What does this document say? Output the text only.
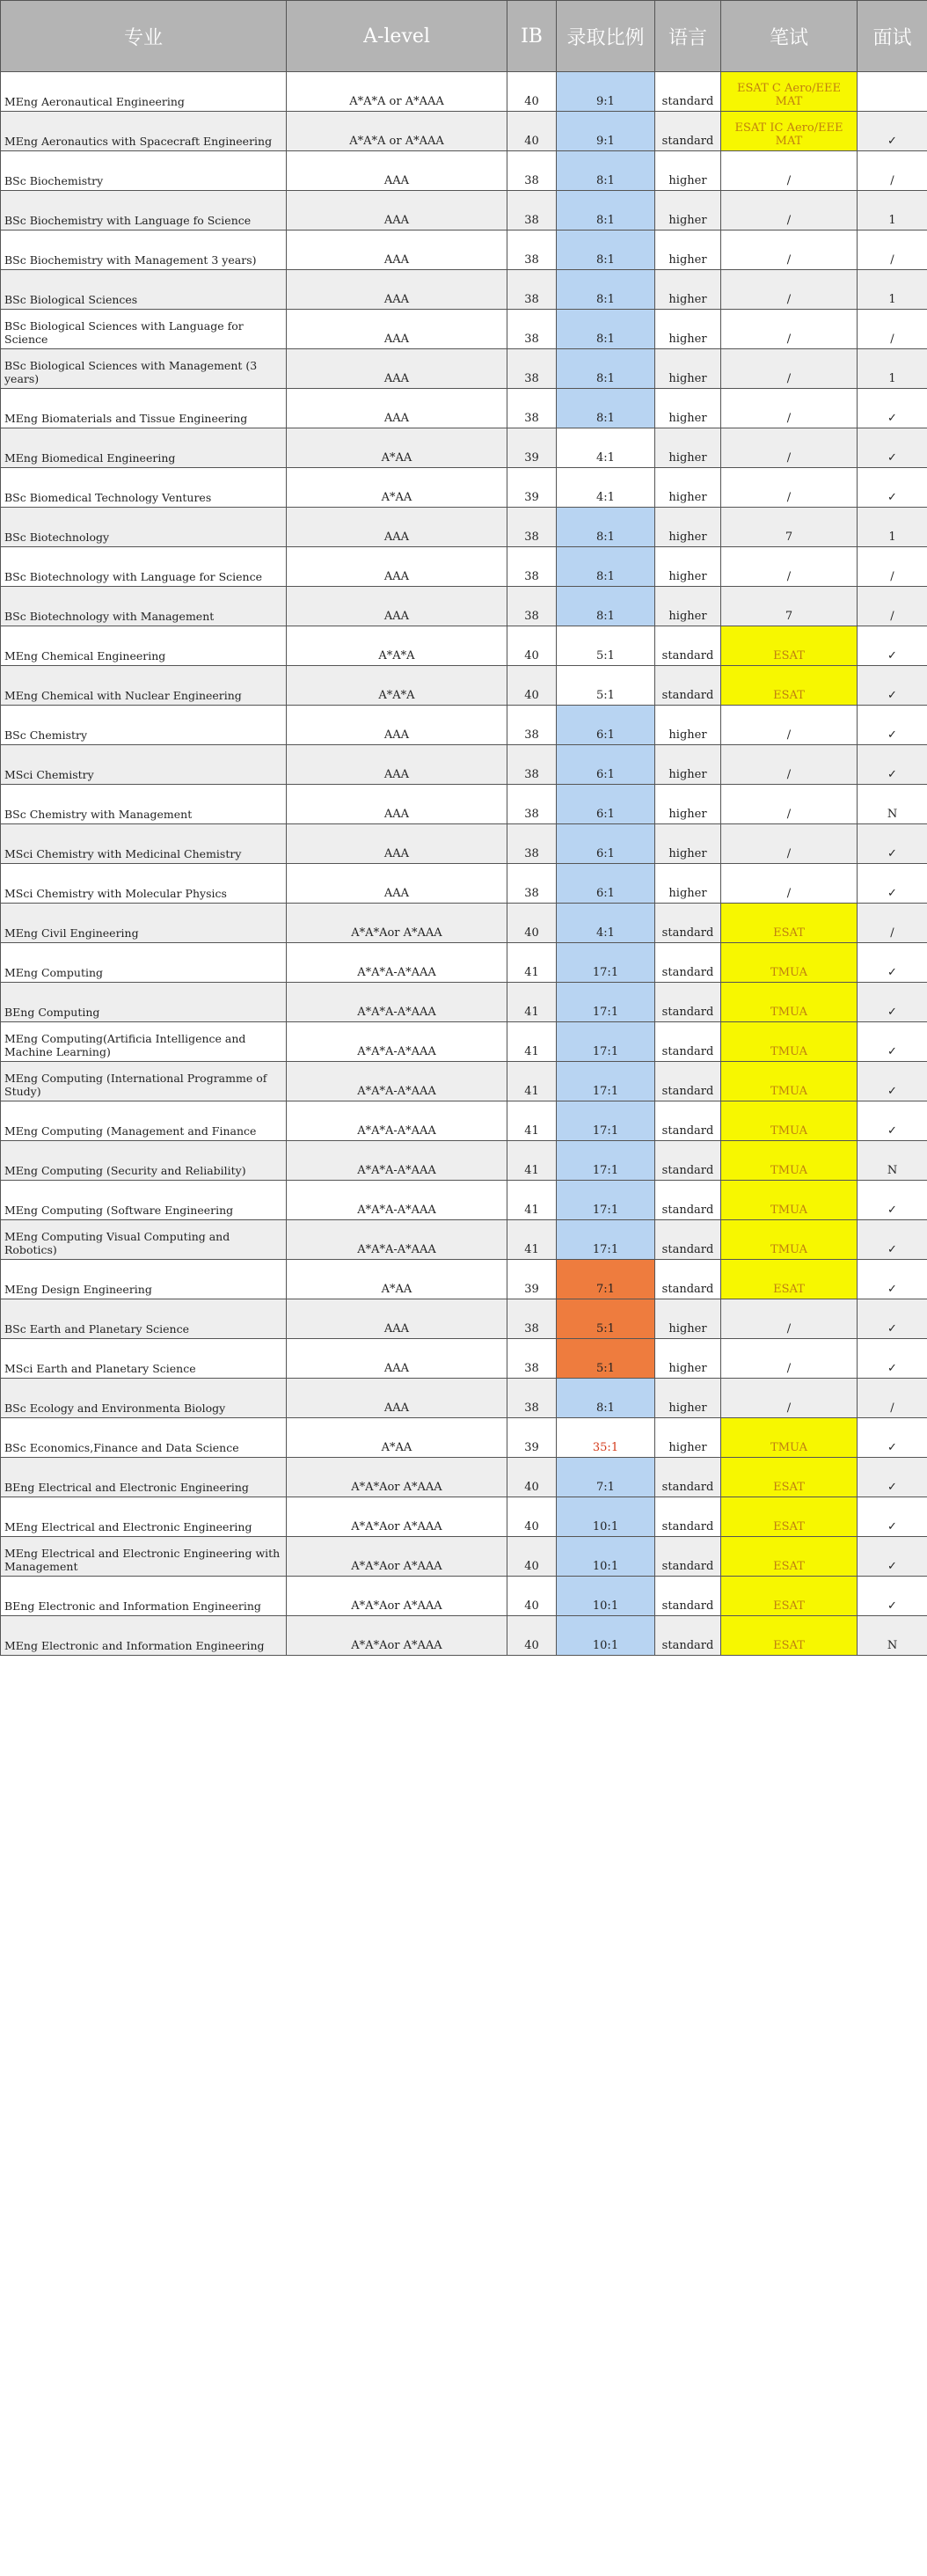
专业	A-level	IB	录取比例	语言	笔试	面试
MEng Aeronautical Engineering	A*A*A or A*AAA	40	9:1	standard	ESAT C Aero/EEE MAT	
MEng Aeronautics with Spacecraft Engineering	A*A*A or A*AAA	40	9:1	standard	ESAT IC Aero/EEE MAT	✓
BSc Biochemistry	AAA	38	8:1	higher	/	/
BSc Biochemistry with Language fo Science	AAA	38	8:1	higher	/	1
BSc Biochemistry with Management 3 years)	AAA	38	8:1	higher	/	/
BSc Biological Sciences	AAA	38	8:1	higher	/	1
BSc Biological Sciences with Language for Science	AAA	38	8:1	higher	/	/
BSc Biological Sciences with Management (3 years)	AAA	38	8:1	higher	/	1
MEng Biomaterials and Tissue Engineering	AAA	38	8:1	higher	/	✓
MEng Biomedical Engineering	A*AA	39	4:1	higher	/	✓
BSc Biomedical Technology Ventures	A*AA	39	4:1	higher	/	✓
BSc Biotechnology	AAA	38	8:1	higher	7	1
BSc Biotechnology with Language for Science	AAA	38	8:1	higher	/	/
BSc Biotechnology with Management	AAA	38	8:1	higher	7	/
MEng Chemical Engineering	A*A*A	40	5:1	standard	ESAT	✓
MEng Chemical with Nuclear Engineering	A*A*A	40	5:1	standard	ESAT	✓
BSc Chemistry	AAA	38	6:1	higher	/	✓
MSci Chemistry	AAA	38	6:1	higher	/	✓
BSc Chemistry with Management	AAA	38	6:1	higher	/	N
MSci Chemistry with Medicinal Chemistry	AAA	38	6:1	higher	/	✓
MSci Chemistry with Molecular Physics	AAA	38	6:1	higher	/	✓
MEng Civil Engineering	A*A*Aor A*AAA	40	4:1	standard	ESAT	/
MEng Computing	A*A*A-A*AAA	41	17:1	standard	TMUA	✓
BEng Computing	A*A*A-A*AAA	41	17:1	standard	TMUA	✓
MEng Computing(Artificia Intelligence and Machine Learning)	A*A*A-A*AAA	41	17:1	standard	TMUA	✓
MEng Computing (International Programme of Study)	A*A*A-A*AAA	41	17:1	standard	TMUA	✓
MEng Computing (Management and Finance	A*A*A-A*AAA	41	17:1	standard	TMUA	✓
MEng Computing (Security and Reliability)	A*A*A-A*AAA	41	17:1	standard	TMUA	N
MEng Computing (Software Engineering	A*A*A-A*AAA	41	17:1	standard	TMUA	✓
MEng Computing Visual Computing and Robotics)	A*A*A-A*AAA	41	17:1	standard	TMUA	✓
MEng Design Engineering	A*AA	39	7:1	standard	ESAT	✓
BSc Earth and Planetary Science	AAA	38	5:1	higher	/	✓
MSci Earth and Planetary Science	AAA	38	5:1	higher	/	✓
BSc Ecology and Environmenta Biology	AAA	38	8:1	higher	/	/
BSc Economics,Finance and Data Science	A*AA	39	35:1	higher	TMUA	✓
BEng Electrical and Electronic Engineering	A*A*Aor A*AAA	40	7:1	standard	ESAT	✓
MEng Electrical and Electronic Engineering	A*A*Aor A*AAA	40	10:1	standard	ESAT	✓
MEng Electrical and Electronic Engineering with Management	A*A*Aor A*AAA	40	10:1	standard	ESAT	✓
BEng Electronic and Information Engineering	A*A*Aor A*AAA	40	10:1	standard	ESAT	✓
MEng Electronic and Information Engineering	A*A*Aor A*AAA	40	10:1	standard	ESAT	N
